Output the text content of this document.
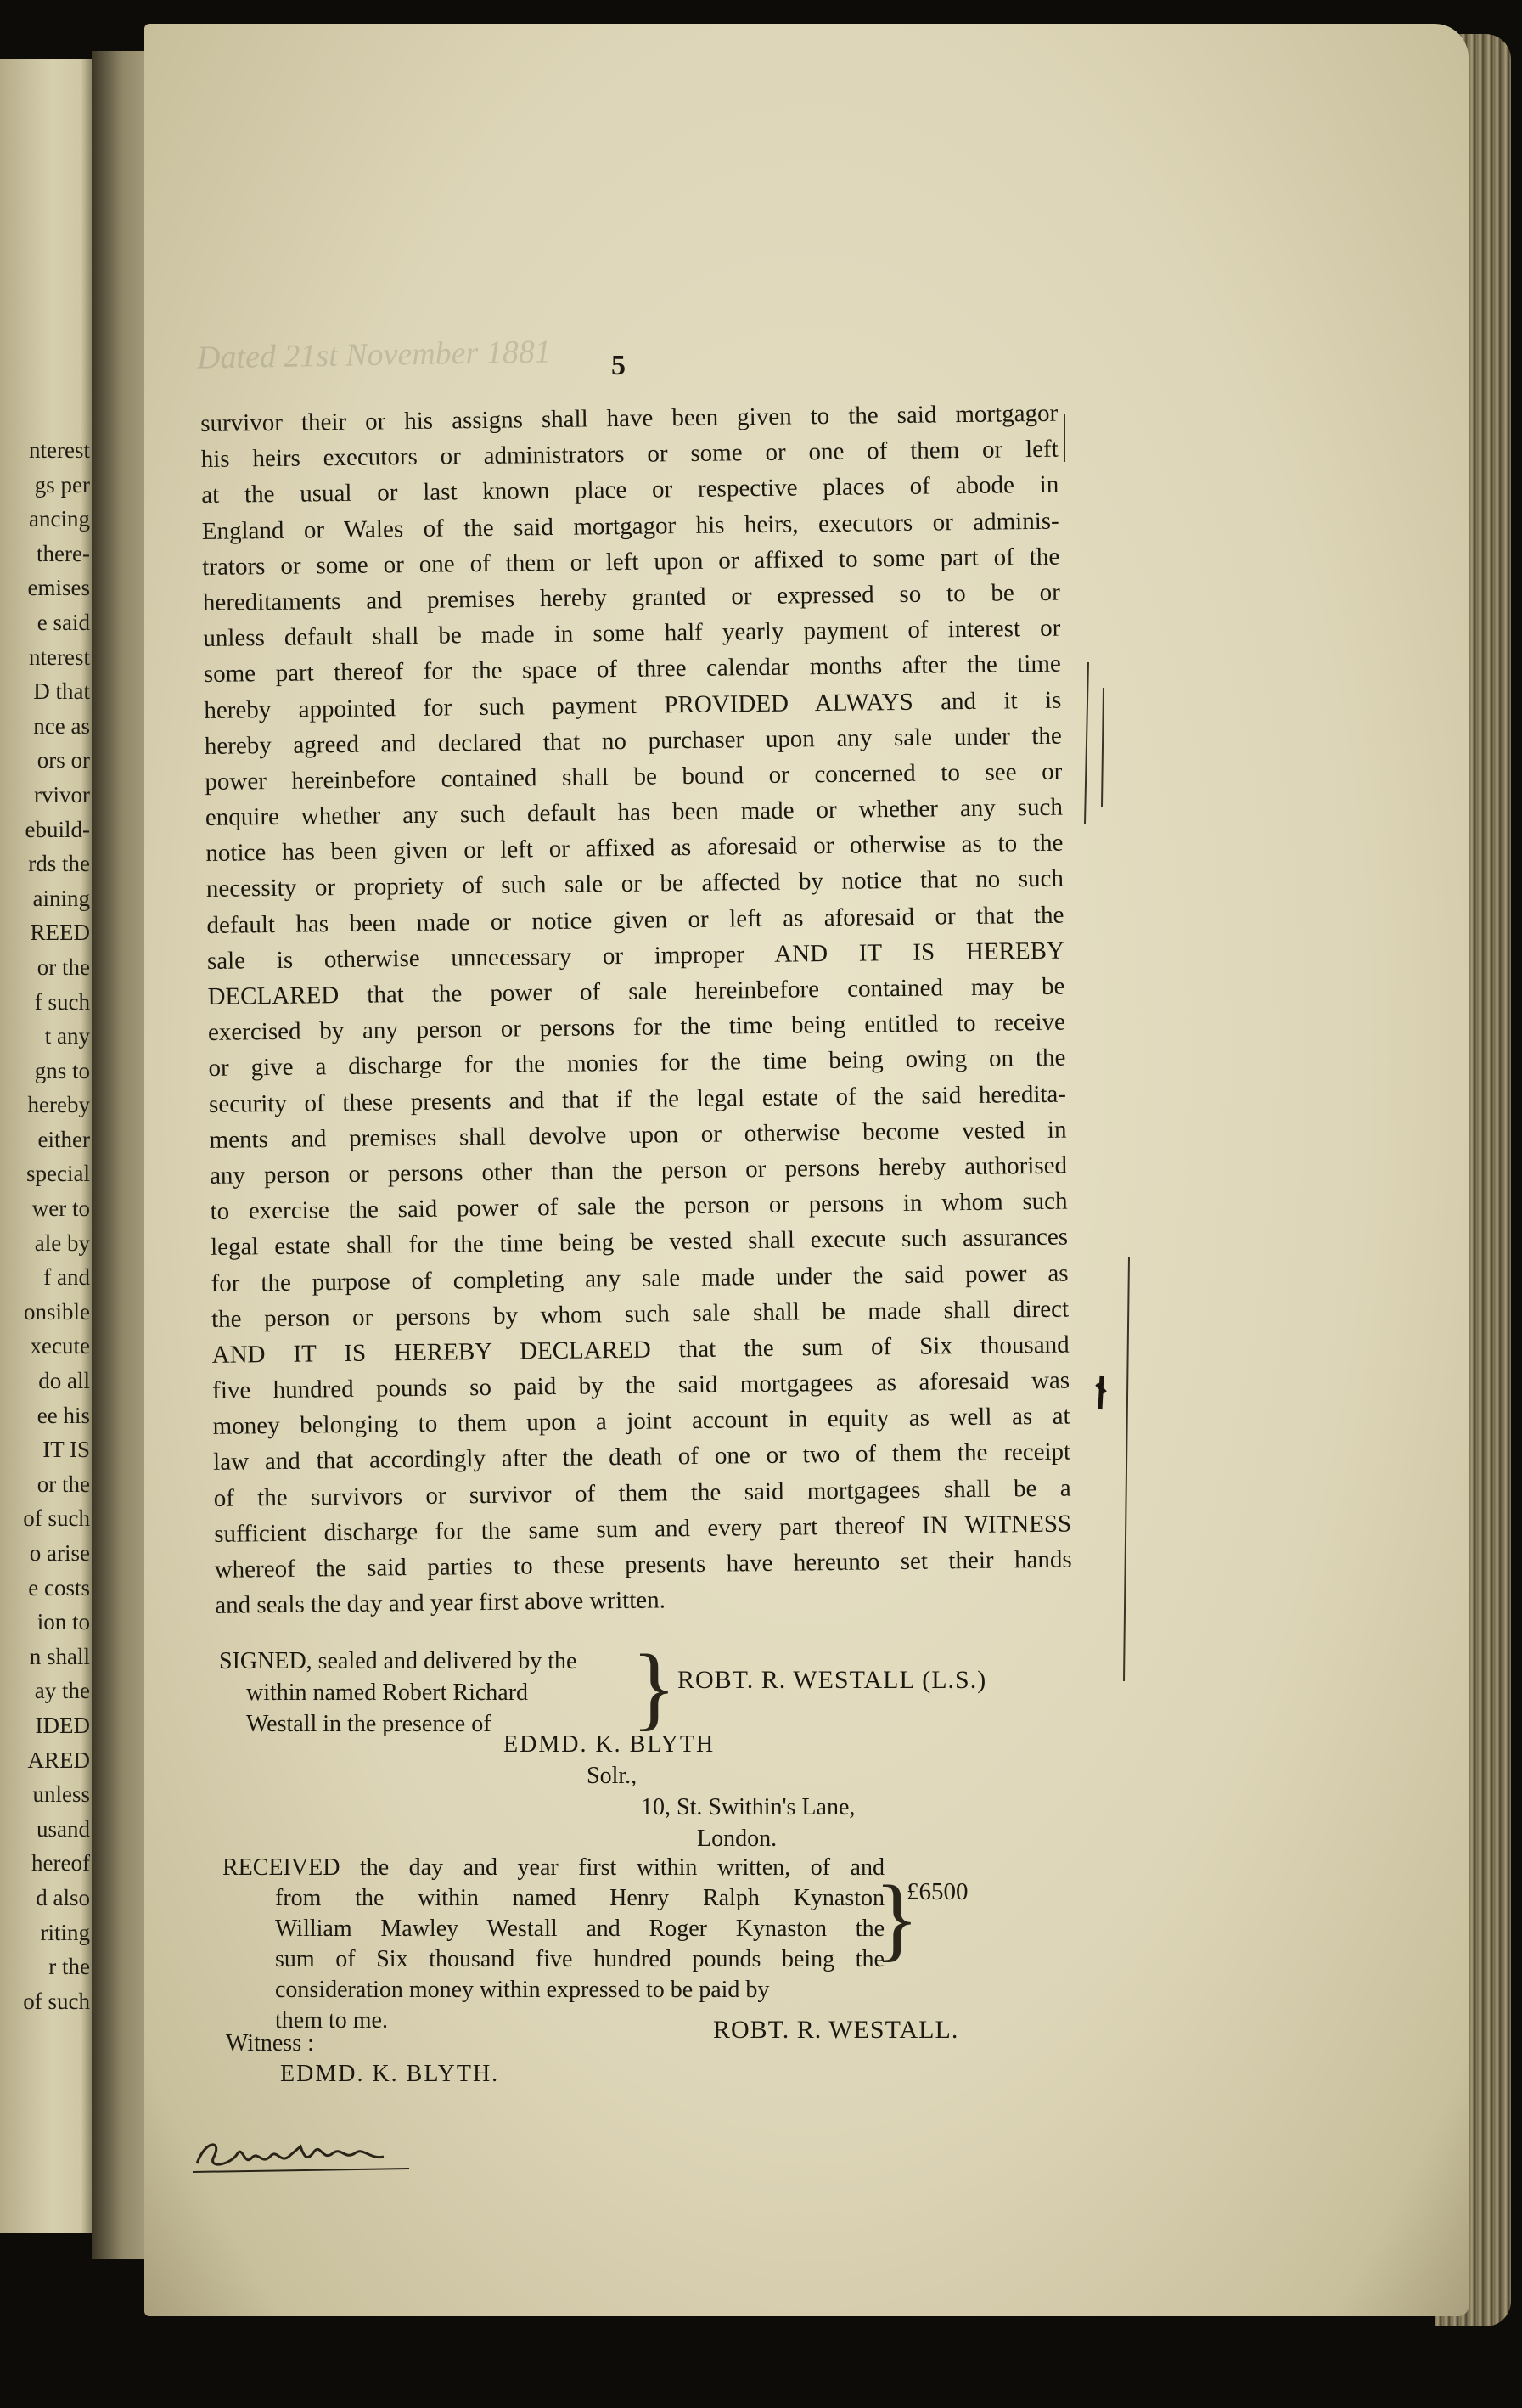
nterest
gs per
ancing
there-
emises
e said
nterest
D that
nce as
ors or
rvivor
ebuild-
rds the
aining
REED
or the
f such
t any
gns to
hereby
either
special
wer to
ale by
f and
onsible
xecute
do all
ee his
IT IS
or the
of such
o arise
e costs
ion to
n shall
ay the
IDED
ARED
unless
usand
hereof
d also
riting
r the
of such
Dated 21st November 1881 5
survivor their or his assigns shall have been given to the said mortgagor
his heirs executors or administrators or some or one of them or left
at the usual or last known place or respective places of abode in
England or Wales of the said mortgagor his heirs, executors or adminis-
trators or some or one of them or left upon or affixed to some part of the
hereditaments and premises hereby granted or expressed so to be or
unless default shall be made in some half yearly payment of interest or
some part thereof for the space of three calendar months after the time
hereby appointed for such payment PROVIDED ALWAYS and it is
hereby agreed and declared that no purchaser upon any sale under the
power hereinbefore contained shall be bound or concerned to see or
enquire whether any such default has been made or whether any such
notice has been given or left or affixed as aforesaid or otherwise as to the
necessity or propriety of such sale or be affected by notice that no such
default has been made or notice given or left as aforesaid or that the
sale is otherwise unnecessary or improper AND IT IS HEREBY
DECLARED that the power of sale hereinbefore contained may be
exercised by any person or persons for the time being entitled to receive
or give a discharge for the monies for the time being owing on the
security of these presents and that if the legal estate of the said heredita-
ments and premises shall devolve upon or otherwise become vested in
any person or persons other than the person or persons hereby authorised
to exercise the said power of sale the person or persons in whom such
legal estate shall for the time being be vested shall execute such assurances
for the purpose of completing any sale made under the said power as
the person or persons by whom such sale shall be made shall direct
AND IT IS HEREBY DECLARED that the sum of Six thousand
five hundred pounds so paid by the said mortgagees as aforesaid was
money belonging to them upon a joint account in equity as well as at
law and that accordingly after the death of one or two of them the receipt
of the survivors or survivor of them the said mortgagees shall be a
sufficient discharge for the same sum and every part thereof IN WITNESS
whereof the said parties to these presents have hereunto set their hands
and seals the day and year first above written.
SIGNED, sealed and delivered by the
within named Robert Richard
Westall in the presence of	} ROBT. R. WESTALL (L.S.)
EDMD. K. BLYTH
Solr.,
10, St. Swithin's Lane,
London.
RECEIVED the day and year first within written, of and
from the within named Henry Ralph Kynaston
William Mawley Westall and Roger Kynaston the
sum of Six thousand five hundred pounds being the
consideration money within expressed to be paid by
them to me.
}
£6500
Witness :
EDMD. K. BLYTH.
ROBT. R. WESTALL.
